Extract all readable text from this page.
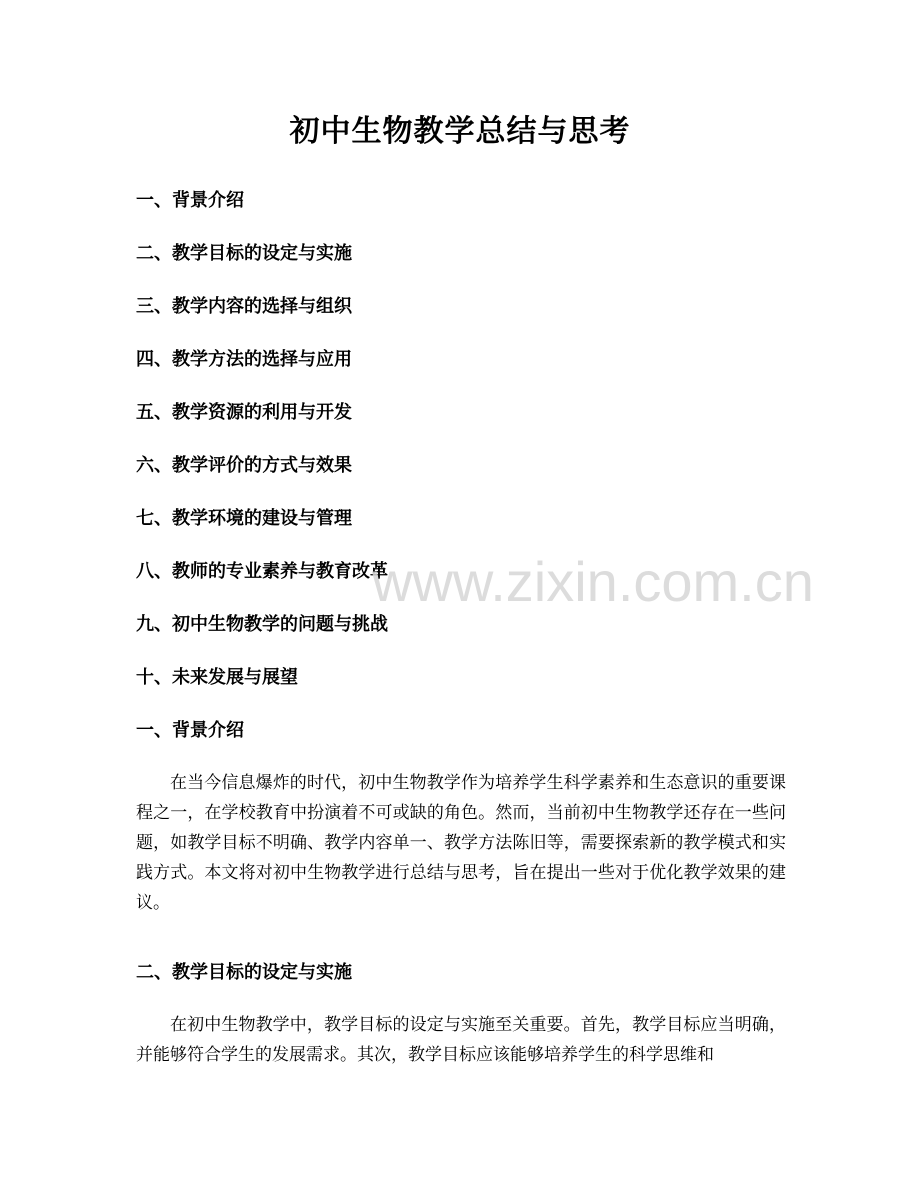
初中生物教学总结与思考
一、背景介绍
二、教学目标的设定与实施
三、教学内容的选择与组织
四、教学方法的选择与应用
五、教学资源的利用与开发
六、教学评价的方式与效果
七、教学环境的建设与管理
八、教师的专业素养与教育改革
九、初中生物教学的问题与挑战
十、未来发展与展望
一、背景介绍

在当今信息爆炸的时代，初中生物教学作为培养学生科学素养和生态意识的重要课程之一，在学校教育中扮演着不可或缺的角色。然而，当前初中生物教学还存在一些问题，如教学目标不明确、教学内容单一、教学方法陈旧等，需要探索新的教学模式和实践方式。本文将对初中生物教学进行总结与思考，旨在提出一些对于优化教学效果的建议。

二、教学目标的设定与实施

在初中生物教学中，教学目标的设定与实施至关重要。首先，教学目标应当明确，并能够符合学生的发展需求。其次，教学目标应该能够培养学生的科学思维和

www.zixin.com.cn
